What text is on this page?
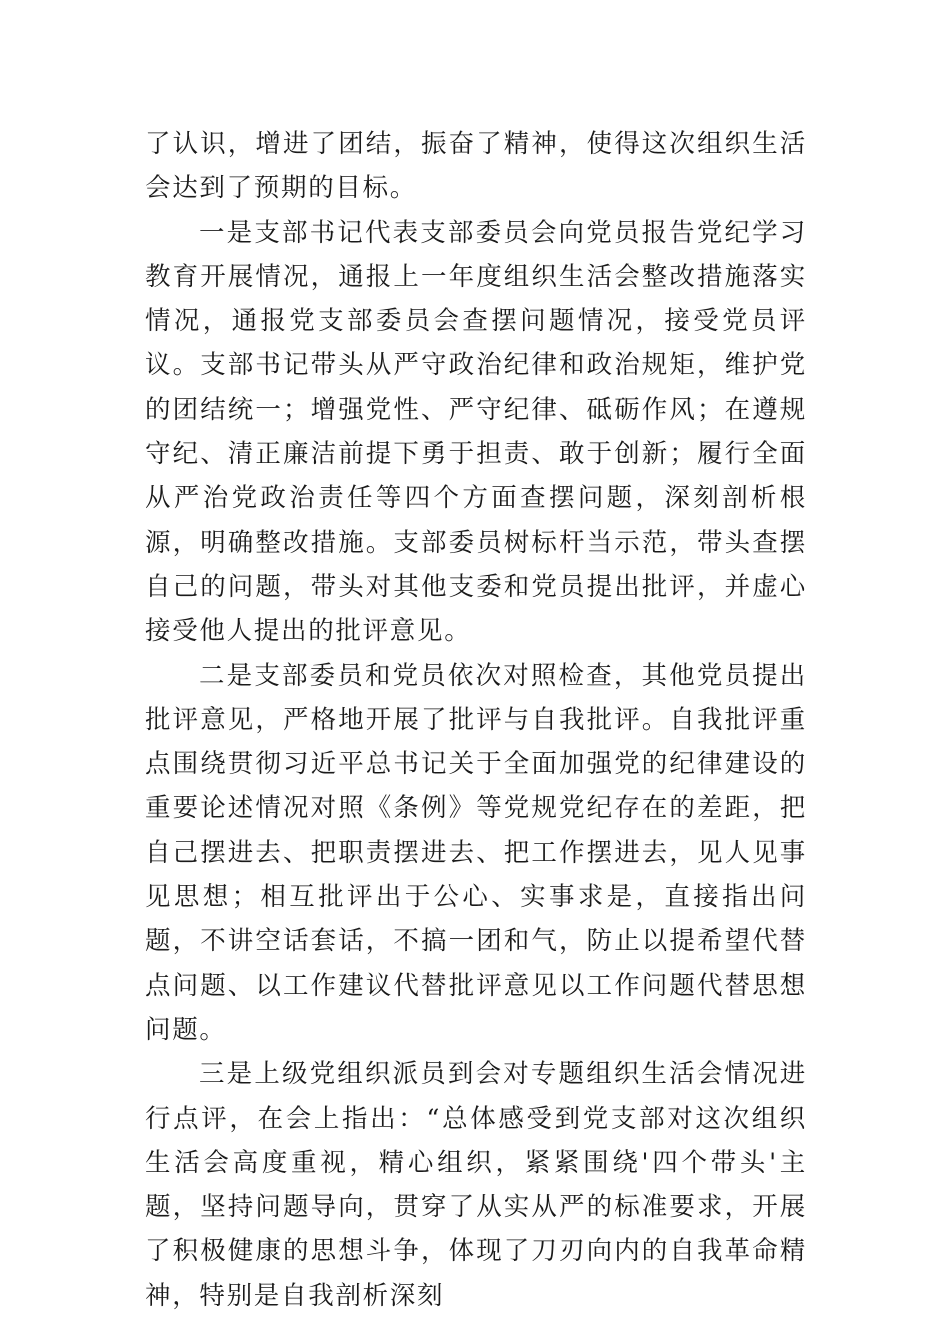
了认识，增进了团结，振奋了精神，使得这次组织生活会达到了预期的目标。

一是支部书记代表支部委员会向党员报告党纪学习教育开展情况，通报上一年度组织生活会整改措施落实情况，通报党支部委员会查摆问题情况，接受党员评议。支部书记带头从严守政治纪律和政治规矩，维护党的团结统一；增强党性、严守纪律、砥砺作风；在遵规守纪、清正廉洁前提下勇于担责、敢于创新；履行全面从严治党政治责任等四个方面查摆问题，深刻剖析根源，明确整改措施。支部委员树标杆当示范，带头查摆自己的问题，带头对其他支委和党员提出批评，并虚心接受他人提出的批评意见。

二是支部委员和党员依次对照检查，其他党员提出批评意见，严格地开展了批评与自我批评。自我批评重点围绕贯彻习近平总书记关于全面加强党的纪律建设的重要论述情况对照《条例》等党规党纪存在的差距，把自己摆进去、把职责摆进去、把工作摆进去，见人见事见思想；相互批评出于公心、实事求是，直接指出问题，不讲空话套话，不搞一团和气，防止以提希望代替点问题、以工作建议代替批评意见以工作问题代替思想问题。

三是上级党组织派员到会对专题组织生活会情况进行点评，在会上指出：“总体感受到党支部对这次组织生活会高度重视，精心组织，紧紧围绕'四个带头'主题，坚持问题导向，贯穿了从实从严的标准要求，开展了积极健康的思想斗争，体现了刀刃向内的自我革命精神，特别是自我剖析深刻
